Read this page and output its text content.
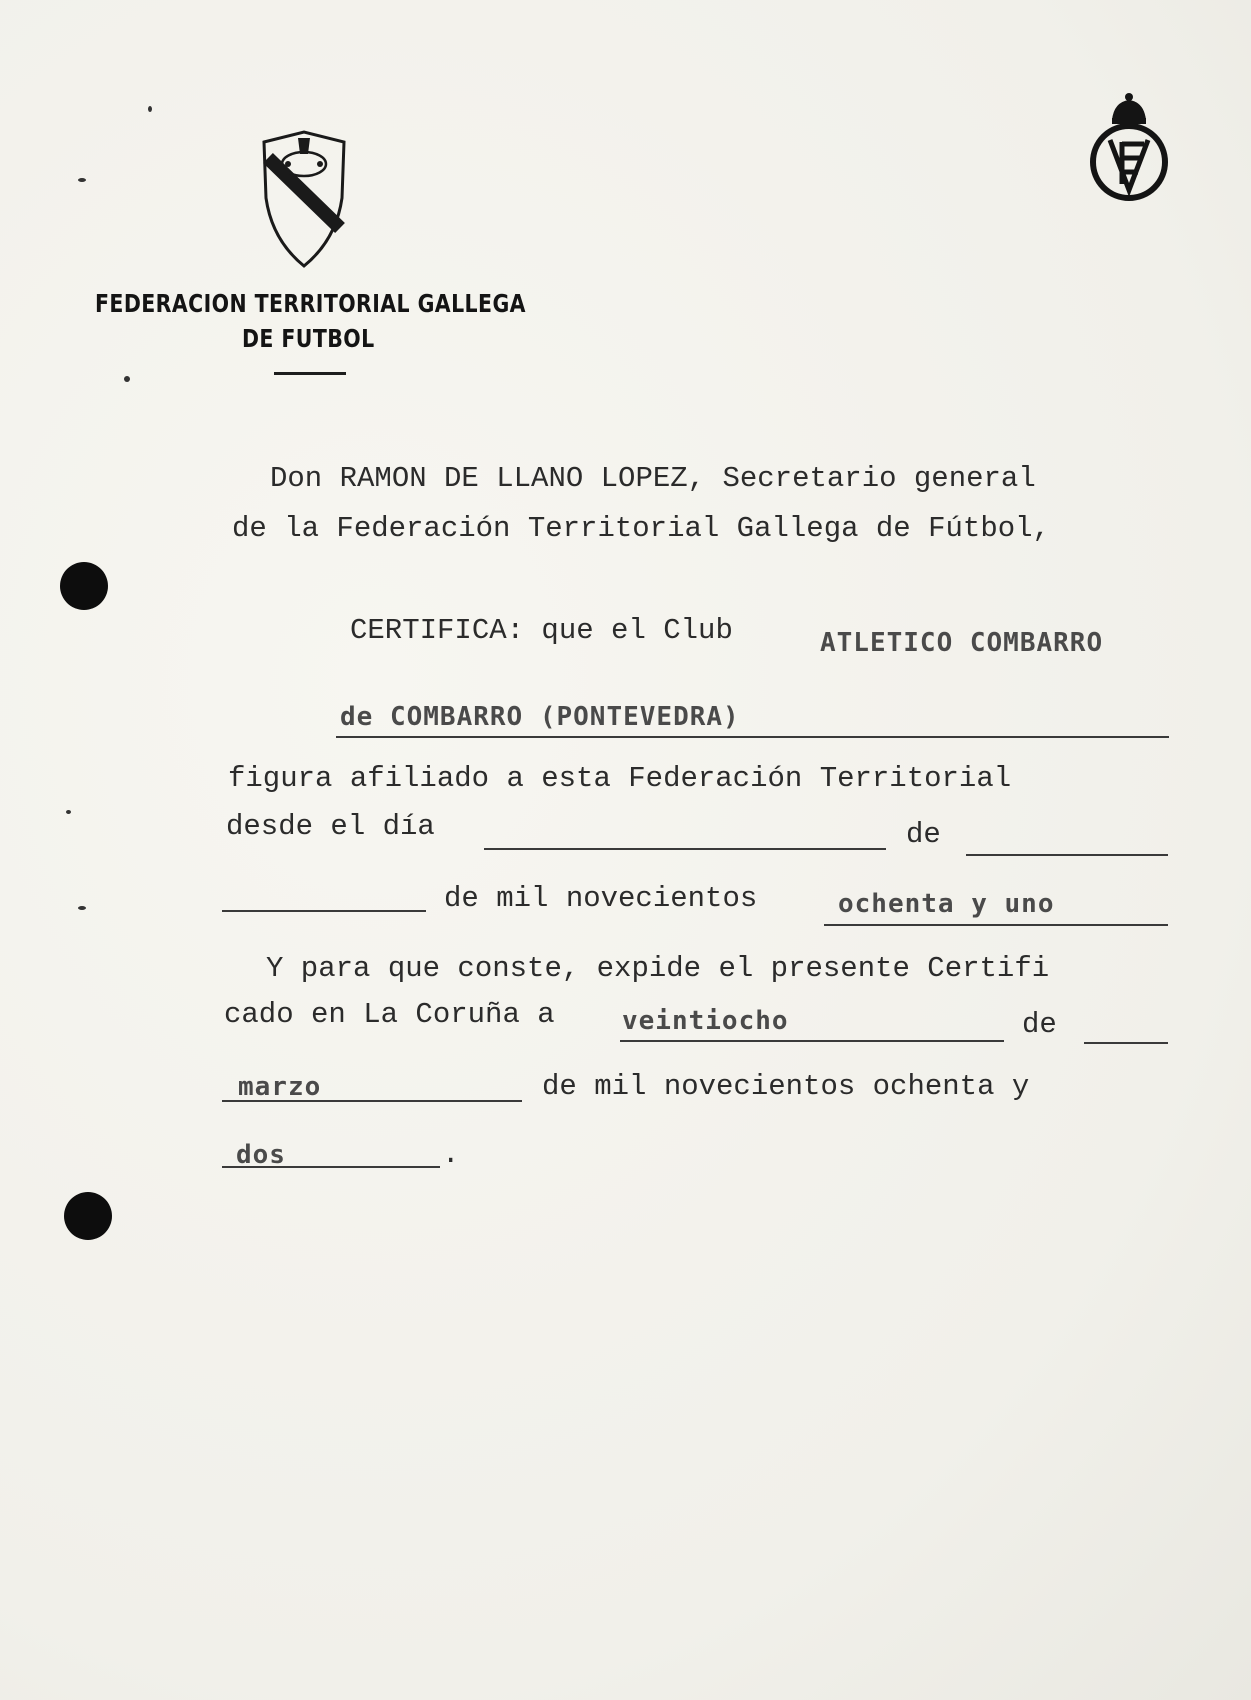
FEDERACION TERRITORIAL GALLEGA
DE FUTBOL
Don RAMON DE LLANO LOPEZ, Secretario general
de la Federación Territorial Gallega de Fútbol,
CERTIFICA: que el Club	ATLETICO COMBARRO
de COMBARRO (PONTEVEDRA)
figura afiliado a esta Federación Territorial
desde el día	de
de mil novecientos	ochenta y uno
Y para que conste, expide el presente Certifi
cado en La Coruña a	veintiocho	de
marzo	de mil novecientos ochenta y
dos	.
